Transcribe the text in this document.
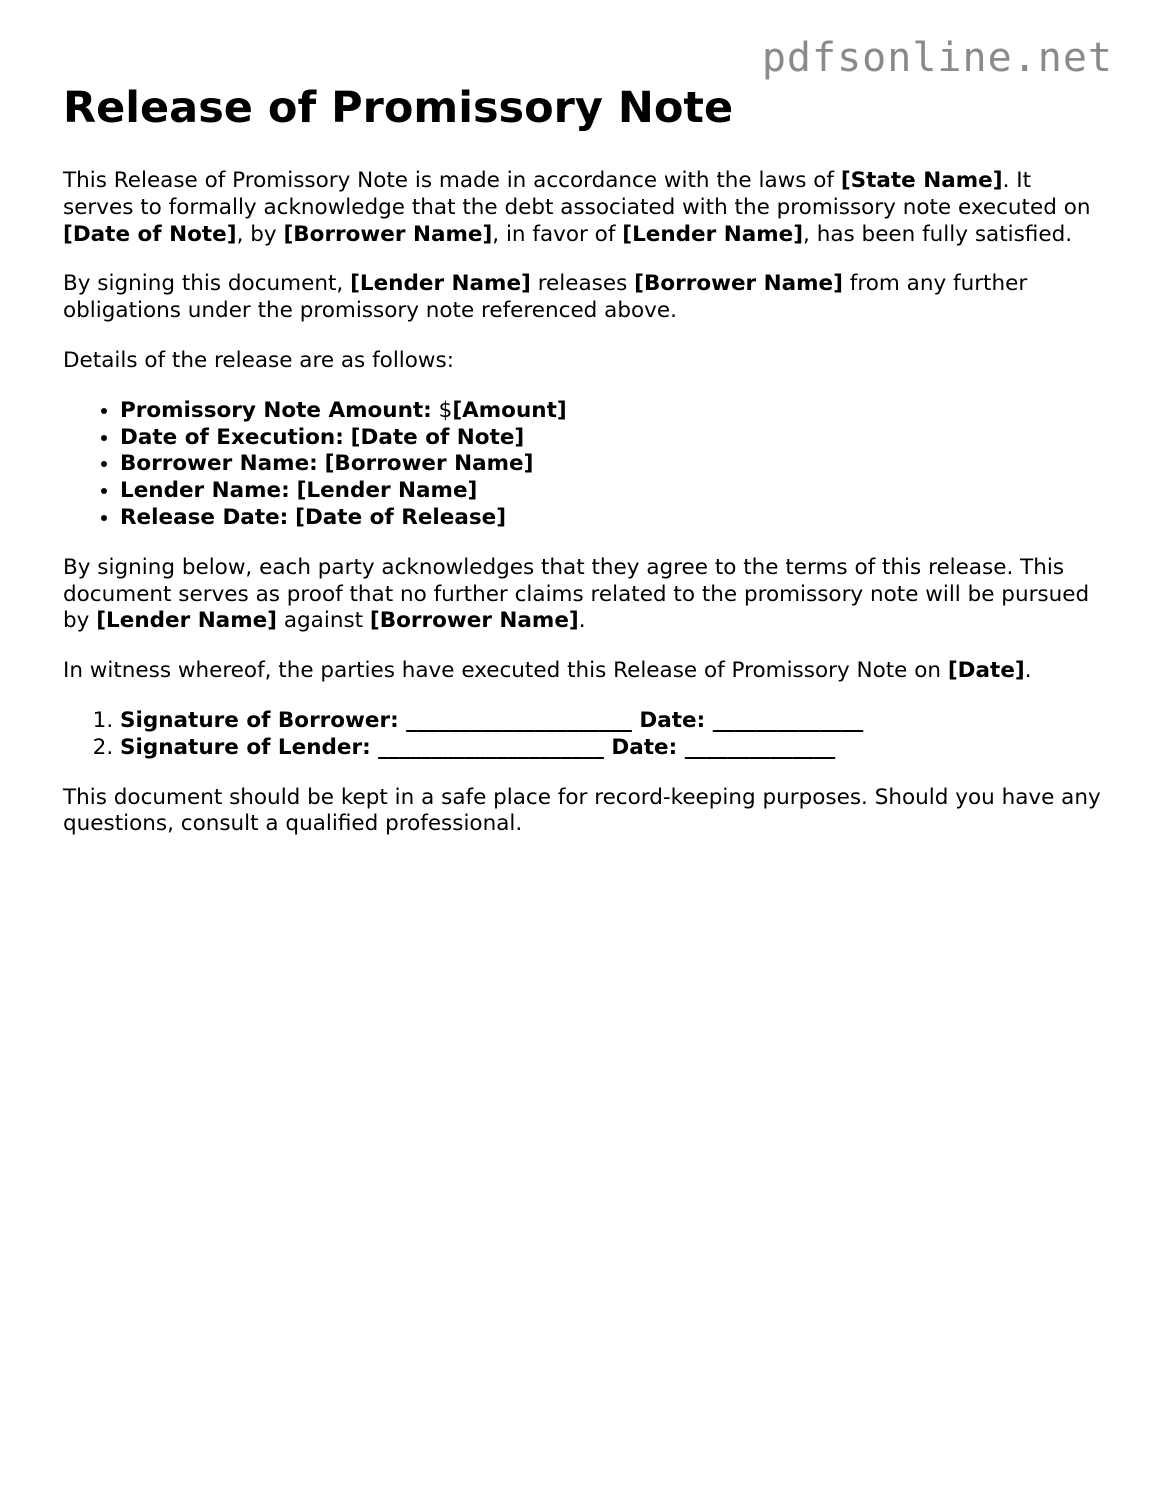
pdfsonline.net
Release of Promissory Note

This Release of Promissory Note is made in accordance with the laws of [State Name]. It serves to formally acknowledge that the debt associated with the promissory note executed on [Date of Note], by [Borrower Name], in favor of [Lender Name], has been fully satisfied.

By signing this document, [Lender Name] releases [Borrower Name] from any further obligations under the promissory note referenced above.

Details of the release are as follows:

• Promissory Note Amount: $[Amount]
• Date of Execution: [Date of Note]
• Borrower Name: [Borrower Name]
• Lender Name: [Lender Name]
• Release Date: [Date of Release]

By signing below, each party acknowledges that they agree to the terms of this release. This document serves as proof that no further claims related to the promissory note will be pursued by [Lender Name] against [Borrower Name].

In witness whereof, the parties have executed this Release of Promissory Note on [Date].

1. Signature of Borrower: _____________________ Date: ______________
2. Signature of Lender: _____________________ Date: ______________

This document should be kept in a safe place for record-keeping purposes. Should you have any questions, consult a qualified professional.
